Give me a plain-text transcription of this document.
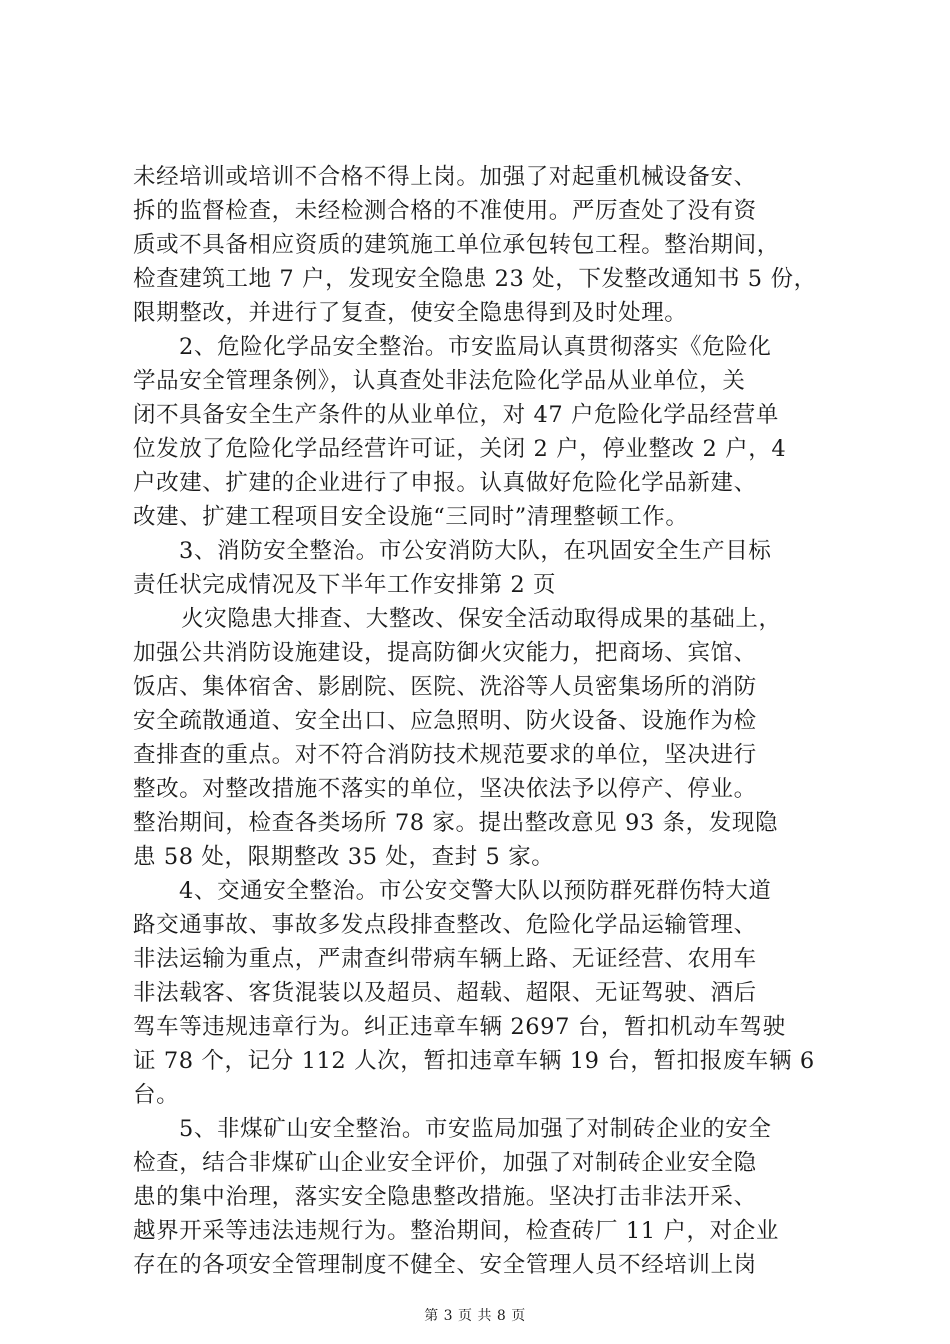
未经培训或培训不合格不得上岗。加强了对起重机械设备安、
拆的监督检查，未经检测合格的不准使用。严厉查处了没有资
质或不具备相应资质的建筑施工单位承包转包工程。整治期间，
检查建筑工地 7 户，发现安全隐患 23 处，下发整改通知书 5 份，
限期整改，并进行了复查，使安全隐患得到及时处理。
2、危险化学品安全整治。市安监局认真贯彻落实《危险化
学品安全管理条例》，认真查处非法危险化学品从业单位，关
闭不具备安全生产条件的从业单位，对 47 户危险化学品经营单
位发放了危险化学品经营许可证，关闭 2 户，停业整改 2 户，4
户改建、扩建的企业进行了申报。认真做好危险化学品新建、
改建、扩建工程项目安全设施“三同时”清理整顿工作。
3、消防安全整治。市公安消防大队，在巩固安全生产目标
责任状完成情况及下半年工作安排第 2 页
火灾隐患大排查、大整改、保安全活动取得成果的基础上，
加强公共消防设施建设，提高防御火灾能力，把商场、宾馆、
饭店、集体宿舍、影剧院、医院、洗浴等人员密集场所的消防
安全疏散通道、安全出口、应急照明、防火设备、设施作为检
查排查的重点。对不符合消防技术规范要求的单位，坚决进行
整改。对整改措施不落实的单位，坚决依法予以停产、停业。
整治期间，检查各类场所 78 家。提出整改意见 93 条，发现隐
患 58 处，限期整改 35 处，查封 5 家。
4、交通安全整治。市公安交警大队以预防群死群伤特大道
路交通事故、事故多发点段排查整改、危险化学品运输管理、
非法运输为重点，严肃查纠带病车辆上路、无证经营、农用车
非法载客、客货混装以及超员、超载、超限、无证驾驶、酒后
驾车等违规违章行为。纠正违章车辆 2697 台，暂扣机动车驾驶
证 78 个，记分 112 人次，暂扣违章车辆 19 台，暂扣报废车辆 6
台。
5、非煤矿山安全整治。市安监局加强了对制砖企业的安全
检查，结合非煤矿山企业安全评价，加强了对制砖企业安全隐
患的集中治理，落实安全隐患整改措施。坚决打击非法开采、
越界开采等违法违规行为。整治期间，检查砖厂 11 户，对企业
存在的各项安全管理制度不健全、安全管理人员不经培训上岗
第 3 页 共 8 页
